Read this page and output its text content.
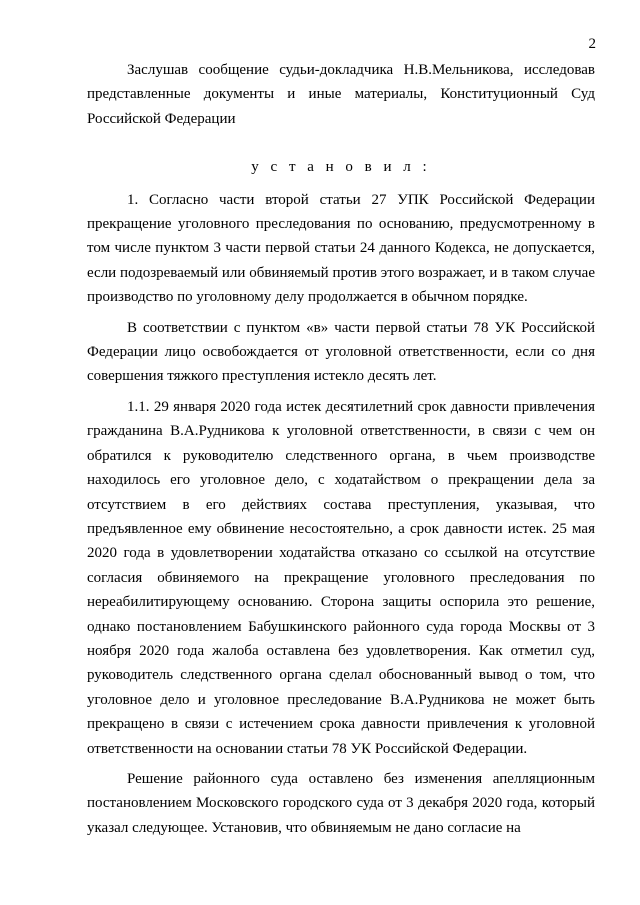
2

Заслушав сообщение судьи-докладчика Н.В.Мельникова, исследовав представленные документы и иные материалы, Конституционный Суд Российской Федерации

у с т а н о в и л :

1. Согласно части второй статьи 27 УПК Российской Федерации прекращение уголовного преследования по основанию, предусмотренному в том числе пунктом 3 части первой статьи 24 данного Кодекса, не допускается, если подозреваемый или обвиняемый против этого возражает, и в таком случае производство по уголовному делу продолжается в обычном порядке.

В соответствии с пунктом «в» части первой статьи 78 УК Российской Федерации лицо освобождается от уголовной ответственности, если со дня совершения тяжкого преступления истекло десять лет.

1.1. 29 января 2020 года истек десятилетний срок давности привлечения гражданина В.А.Рудникова к уголовной ответственности, в связи с чем он обратился к руководителю следственного органа, в чьем производстве находилось его уголовное дело, с ходатайством о прекращении дела за отсутствием в его действиях состава преступления, указывая, что предъявленное ему обвинение несостоятельно, а срок давности истек. 25 мая 2020 года в удовлетворении ходатайства отказано со ссылкой на отсутствие согласия обвиняемого на прекращение уголовного преследования по нереабилитирующему основанию. Сторона защиты оспорила это решение, однако постановлением Бабушкинского районного суда города Москвы от 3 ноября 2020 года жалоба оставлена без удовлетворения. Как отметил суд, руководитель следственного органа сделал обоснованный вывод о том, что уголовное дело и уголовное преследование В.А.Рудникова не может быть прекращено в связи с истечением срока давности привлечения к уголовной ответственности на основании статьи 78 УК Российской Федерации.

Решение районного суда оставлено без изменения апелляционным постановлением Московского городского суда от 3 декабря 2020 года, который указал следующее. Установив, что обвиняемым не дано согласие на
